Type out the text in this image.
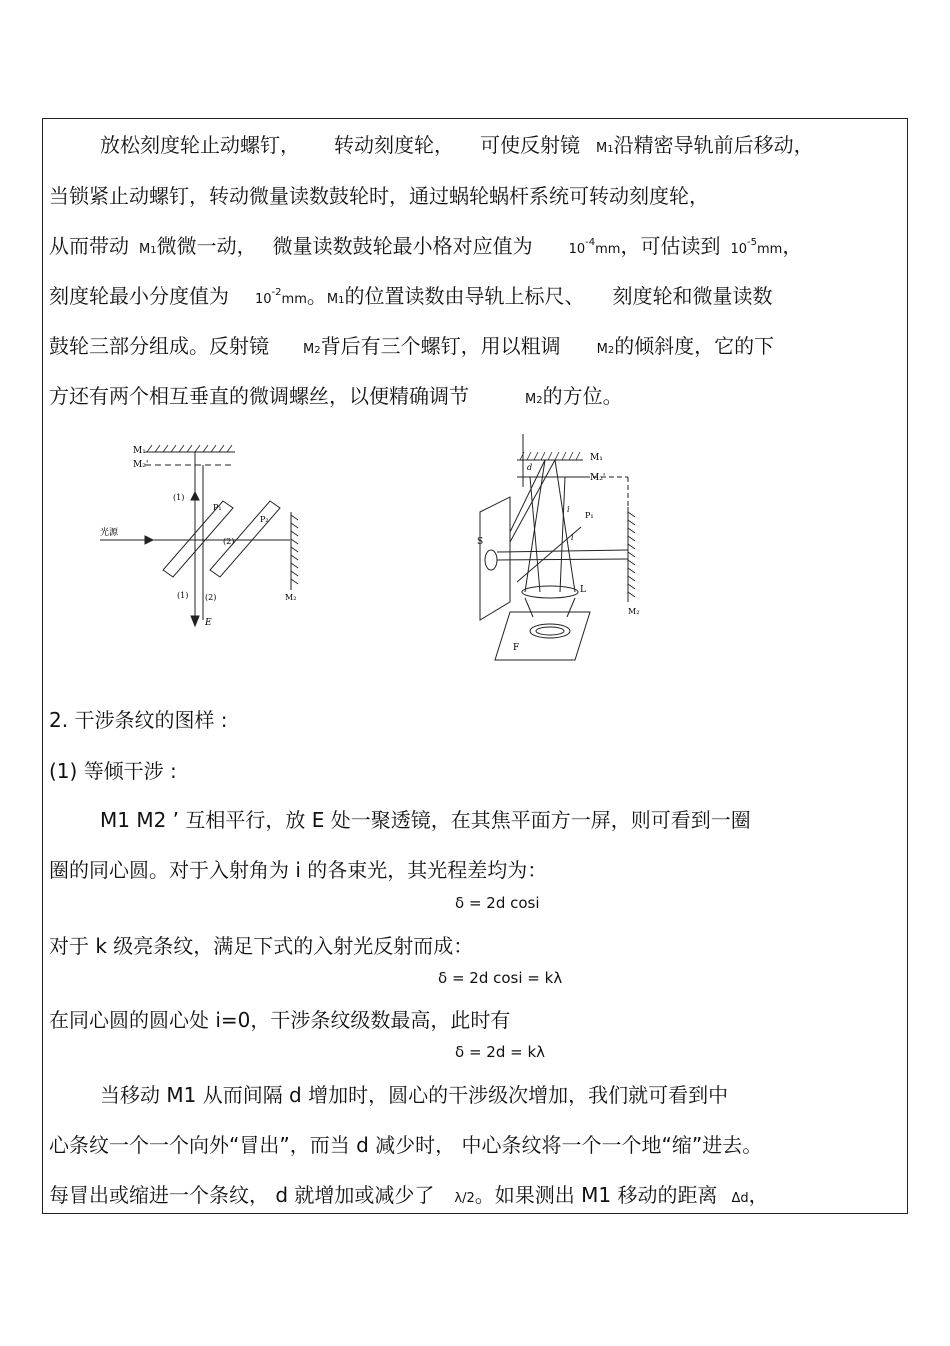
放松刻度轮止动螺钉， 转动刻度轮， 可使反射镜 M1沿精密导轨前后移动，
当锁紧止动螺钉，转动微量读数鼓轮时，通过蜗轮蜗杆系统可转动刻度轮，
从而带动 M1微微一动， 微量读数鼓轮最小格对应值为	$10^{-4}mm$，可估读到 $10^{-5}mm$，
刻度轮最小分度值为 $10^{-2}mm$。M1的位置读数由导轨上标尺、 刻度轮和微量读数
鼓轮三部分组成。反射镜	M2背后有三个螺钉，用以粗调	M2的倾斜度，它的下
方还有两个相互垂直的微调螺丝，以便精确调节	M2的方位。
M₁
M₂'
(1)
P₁
P₂
光源
(2)
(1) (2)	M₂
E
M₁
M₂'
d
i
i
P₁
S
L
M₂
F
2. 干涉条纹的图样 :
(1) 等倾干涉 :
M1 M2 ’ 互相平行，放 E 处一聚透镜，在其焦平面方一屏，则可看到一圈
圈的同心圆。对于入射角为 i 的各束光，其光程差均为：
δ = 2d cosi
对于 k 级亮条纹，满足下式的入射光反射而成：
δ = 2d cosi = kλ
在同心圆的圆心处 i=0，干涉条纹级数最高，此时有
δ = 2d = kλ
当移动 M1 从而间隔 d 增加时，圆心的干涉级次增加，我们就可看到中
心条纹一个一个向外“冒出”，而当 d 减少时， 中心条纹将一个一个地“缩”进去。
每冒出或缩进一个条纹， d 就增加或减少了 λ/2。如果测出 M1 移动的距离 Δd，
